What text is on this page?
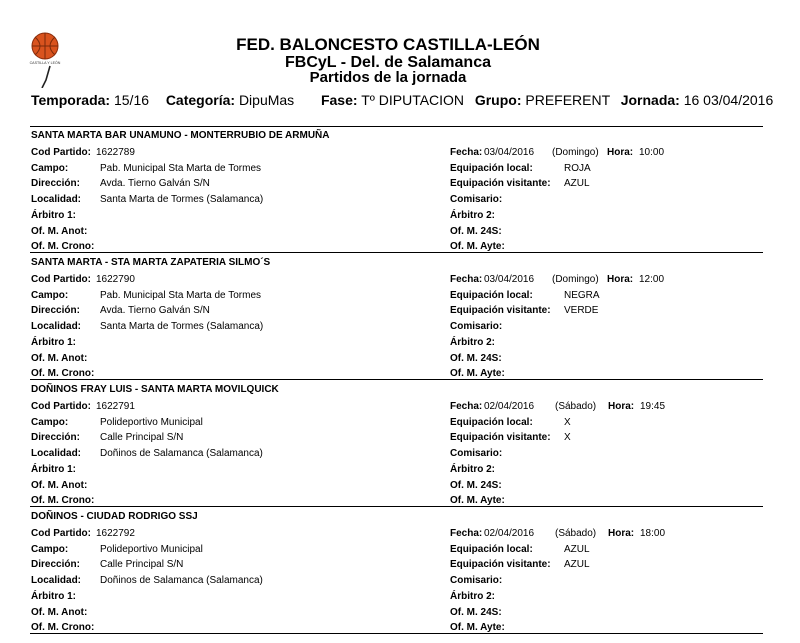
CASTILLA Y LEÓN
FED. BALONCESTO CASTILLA-LEÓN
FBCyL - Del. de Salamanca
Partidos de la jornada
Temporada: 15/16 Categoría: DipuMas Fase: Tº DIPUTACION Grupo: PREFERENT Jornada: 16 03/04/2016
SANTA MARTA BAR UNAMUNO - MONTERRUBIO DE ARMUÑA
Cod Partido: 1622789	Fecha: 03/04/2016 (Domingo) Hora: 10:00
Campo:	Pab. Municipal Sta Marta de Tormes	Equipación local:	ROJA
Dirección: Avda. Tierno Galván S/N	Equipación visitante: AZUL
Localidad: Santa Marta de Tormes (Salamanca)	Comisario:
Árbitro 1:	Árbitro 2:
Of. M. Anot:	Of. M. 24S:
Of. M. Crono:	Of. M. Ayte:
SANTA MARTA - STA MARTA ZAPATERIA SILMO´S
Cod Partido: 1622790	Fecha: 03/04/2016 (Domingo) Hora: 12:00
Campo:	Pab. Municipal Sta Marta de Tormes	Equipación local:	NEGRA
Dirección: Avda. Tierno Galván S/N	Equipación visitante: VERDE
Localidad: Santa Marta de Tormes (Salamanca)	Comisario:
Árbitro 1:	Árbitro 2:
Of. M. Anot:	Of. M. 24S:
Of. M. Crono:	Of. M. Ayte:
DOÑINOS FRAY LUIS - SANTA MARTA MOVILQUICK
Cod Partido: 1622791	Fecha: 02/04/2016 (Sábado) Hora: 19:45
Campo:	Polideportivo Municipal	Equipación local:	X
Dirección: Calle Principal S/N	Equipación visitante: X
Localidad: Doñinos de Salamanca (Salamanca)	Comisario:
Árbitro 1:	Árbitro 2:
Of. M. Anot:	Of. M. 24S:
Of. M. Crono:	Of. M. Ayte:
DOÑINOS - CIUDAD RODRIGO SSJ
Cod Partido: 1622792	Fecha: 02/04/2016 (Sábado) Hora: 18:00
Campo:	Polideportivo Municipal	Equipación local:	AZUL
Dirección: Calle Principal S/N	Equipación visitante: AZUL
Localidad: Doñinos de Salamanca (Salamanca)	Comisario:
Árbitro 1:	Árbitro 2:
Of. M. Anot:	Of. M. 24S:
Of. M. Crono:	Of. M. Ayte:
